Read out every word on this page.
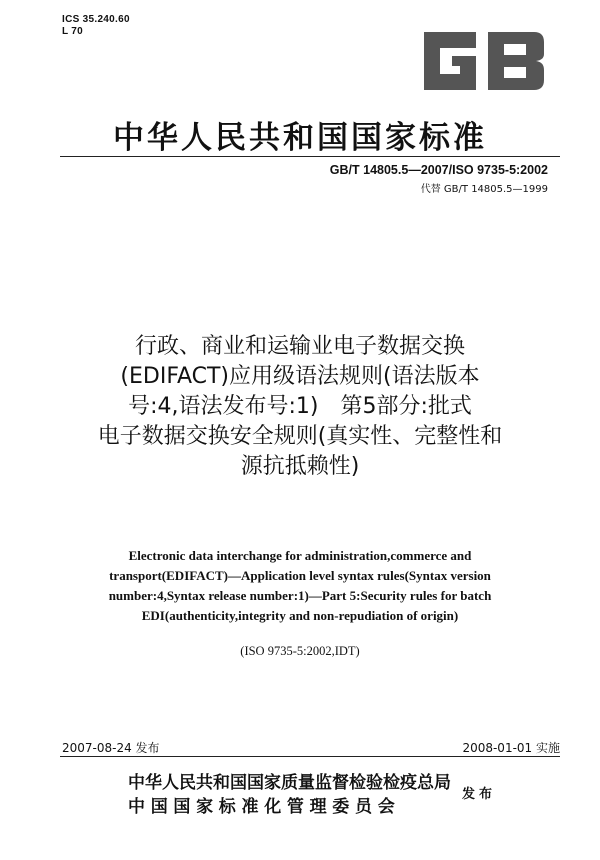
ICS 35.240.60
L 70
GB
中华人民共和国国家标准
GB/T 14805.5—2007/ISO 9735-5:2002
代替 GB/T 14805.5—1999
行政、商业和运输业电子数据交换
(EDIFACT)应用级语法规则(语法版本
号:4,语法发布号:1)　第5部分:批式
电子数据交换安全规则(真实性、完整性和
源抗抵赖性)
Electronic data interchange for administration,commerce and
transport(EDIFACT)—Application level syntax rules(Syntax version
number:4,Syntax release number:1)—Part 5:Security rules for batch
EDI(authenticity,integrity and non-repudiation of origin)
(ISO 9735-5:2002,IDT)
2007-08-24 发布	2008-01-01 实施
中华人民共和国国家质量监督检验检疫总局
中国国家标准化管理委员会
发布
